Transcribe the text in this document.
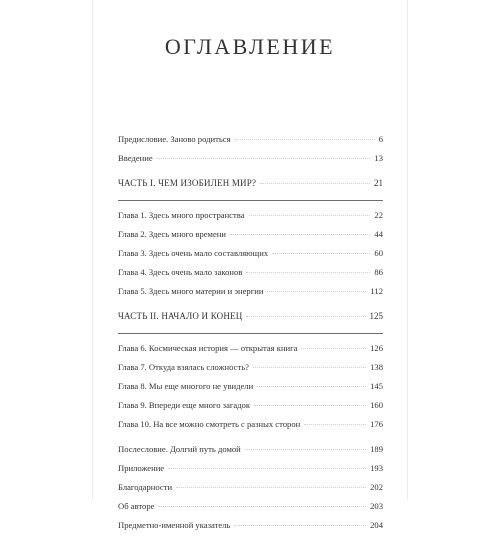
ОГЛАВЛЕНИЕ
Предисловие. Заново родиться	6
Введение	13
ЧАСТЬ I. ЧЕМ ИЗОБИЛЕН МИР?	21
Глава 1. Здесь много пространства	22
Глава 2. Здесь много времени	44
Глава 3. Здесь очень мало составляющих	60
Глава 4. Здесь очень мало законов	86
Глава 5. Здесь много материи и энергии	112
ЧАСТЬ II. НАЧАЛО И КОНЕЦ	125
Глава 6. Космическая история — открытая книга	126
Глава 7. Откуда взялась сложность?	138
Глава 8. Мы еще многого не увидели	145
Глава 9. Впереди еще много загадок	160
Глава 10. На все можно смотреть с разных сторон	176
Послесловие. Долгий путь домой	189
Приложение	193
Благодарности	202
Об авторе	203
Предметно-именной указатель	204
